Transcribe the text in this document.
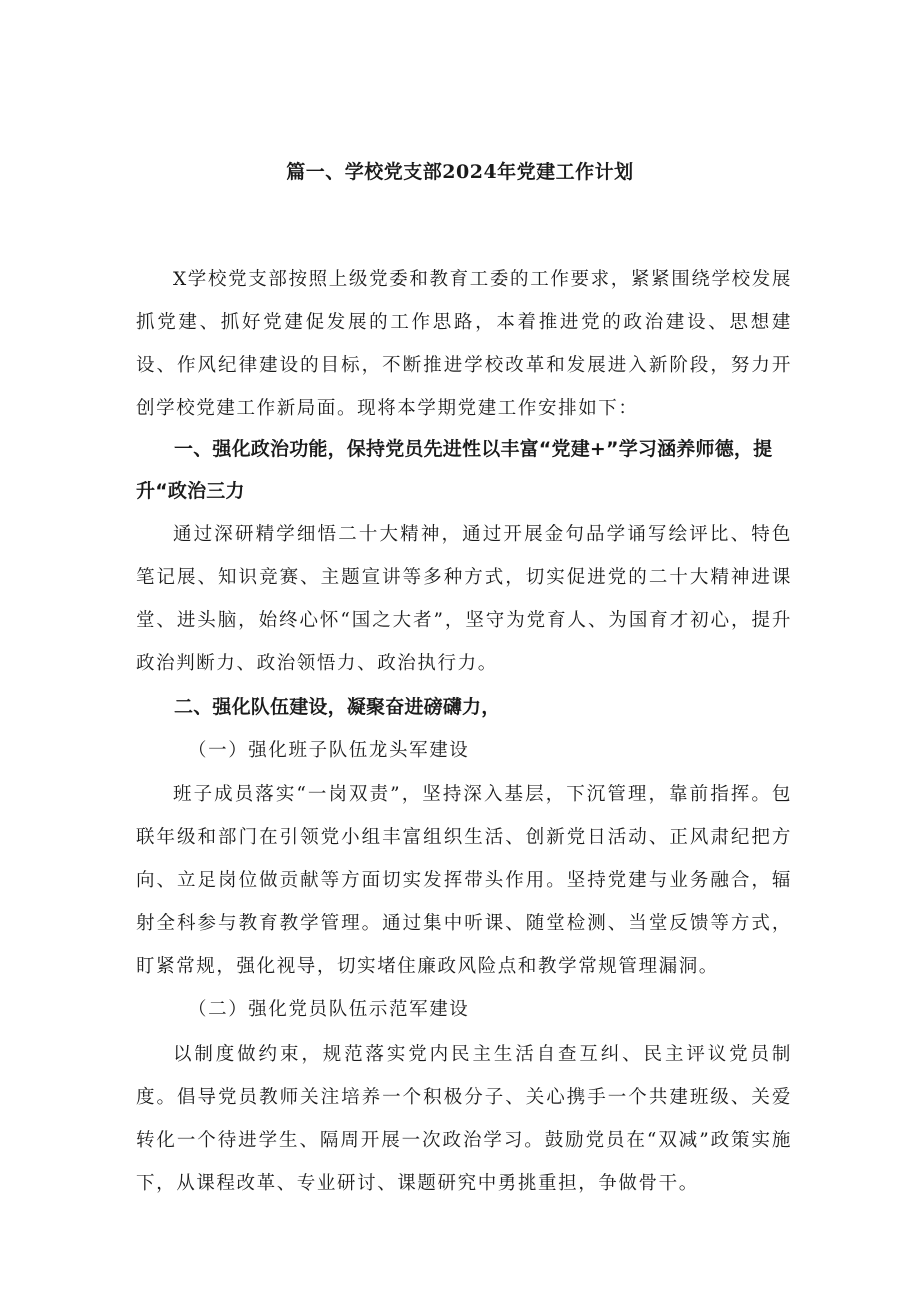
篇一、学校党支部2024年党建工作计划

X学校党支部按照上级党委和教育工委的工作要求，紧紧围绕学校发展抓党建、抓好党建促发展的工作思路，本着推进党的政治建设、思想建设、作风纪律建设的目标，不断推进学校改革和发展进入新阶段，努力开创学校党建工作新局面。现将本学期党建工作安排如下：

一、强化政治功能，保持党员先进性以丰富“党建+”学习涵养师德，提升“政治三力

通过深研精学细悟二十大精神，通过开展金句品学诵写绘评比、特色笔记展、知识竞赛、主题宣讲等多种方式，切实促进党的二十大精神进课堂、进头脑，始终心怀“国之大者”，坚守为党育人、为国育才初心，提升政治判断力、政治领悟力、政治执行力。

二、强化队伍建设，凝聚奋进磅礴力，

（一）强化班子队伍龙头军建设

班子成员落实“一岗双责”，坚持深入基层，下沉管理，靠前指挥。包联年级和部门在引领党小组丰富组织生活、创新党日活动、正风肃纪把方向、立足岗位做贡献等方面切实发挥带头作用。坚持党建与业务融合，辐射全科参与教育教学管理。通过集中听课、随堂检测、当堂反馈等方式，盯紧常规，强化视导，切实堵住廉政风险点和教学常规管理漏洞。

（二）强化党员队伍示范军建设

以制度做约束，规范落实党内民主生活自查互纠、民主评议党员制度。倡导党员教师关注培养一个积极分子、关心携手一个共建班级、关爱转化一个待进学生、隔周开展一次政治学习。鼓励党员在“双减”政策实施下，从课程改革、专业研讨、课题研究中勇挑重担，争做骨干。
